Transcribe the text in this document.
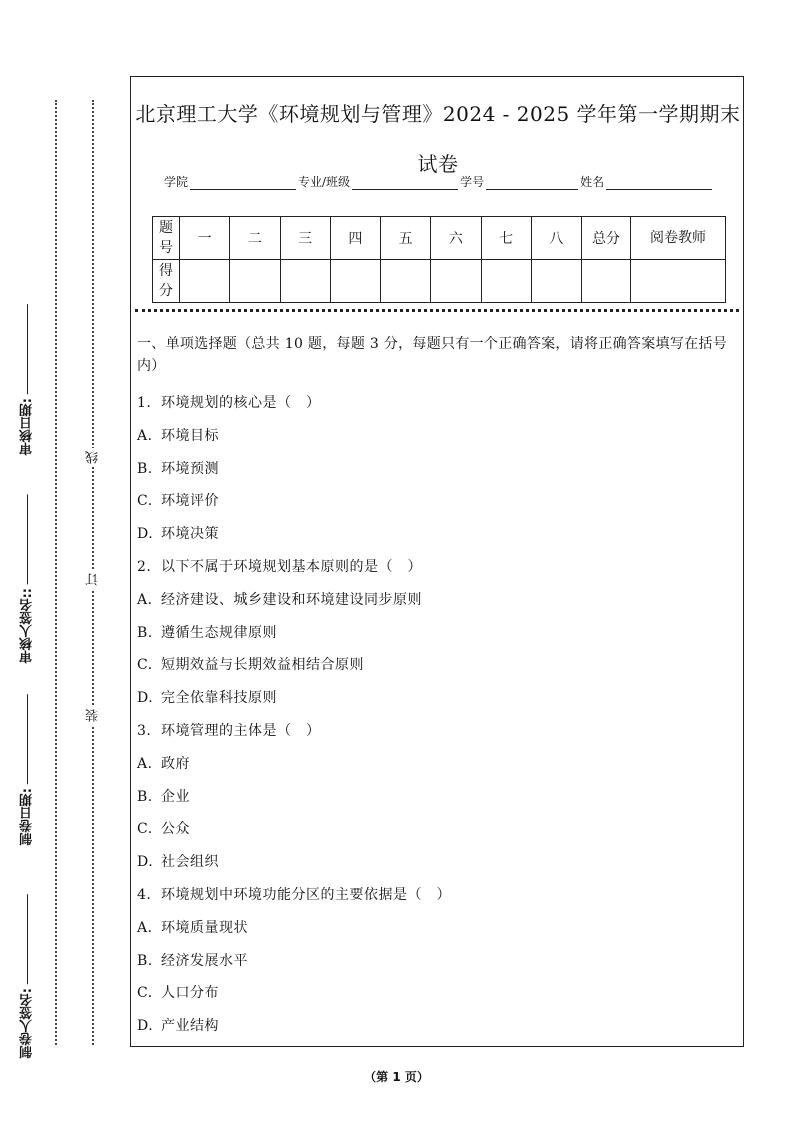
审核日期:
审核人签名::
制卷日期:
制卷人签名:
线
订
装
北京理工大学《环境规划与管理》2024 - 2025 学年第一学期期末
试卷
学院	专业/班级	学号	姓名
题号	一	二	三	四	五	六	七	八	总分	阅卷教师
得分										
一、单项选择题（总共 10 题，每题 3 分，每题只有一个正确答案，请将正确答案填写在括号内）
1. 环境规划的核心是（　）
A. 环境目标
B. 环境预测
C. 环境评价
D. 环境决策
2. 以下不属于环境规划基本原则的是（　）
A. 经济建设、城乡建设和环境建设同步原则
B. 遵循生态规律原则
C. 短期效益与长期效益相结合原则
D. 完全依靠科技原则
3. 环境管理的主体是（　）
A. 政府
B. 企业
C. 公众
D. 社会组织
4. 环境规划中环境功能分区的主要依据是（　）
A. 环境质量现状
B. 经济发展水平
C. 人口分布
D. 产业结构
（第 1 页）
